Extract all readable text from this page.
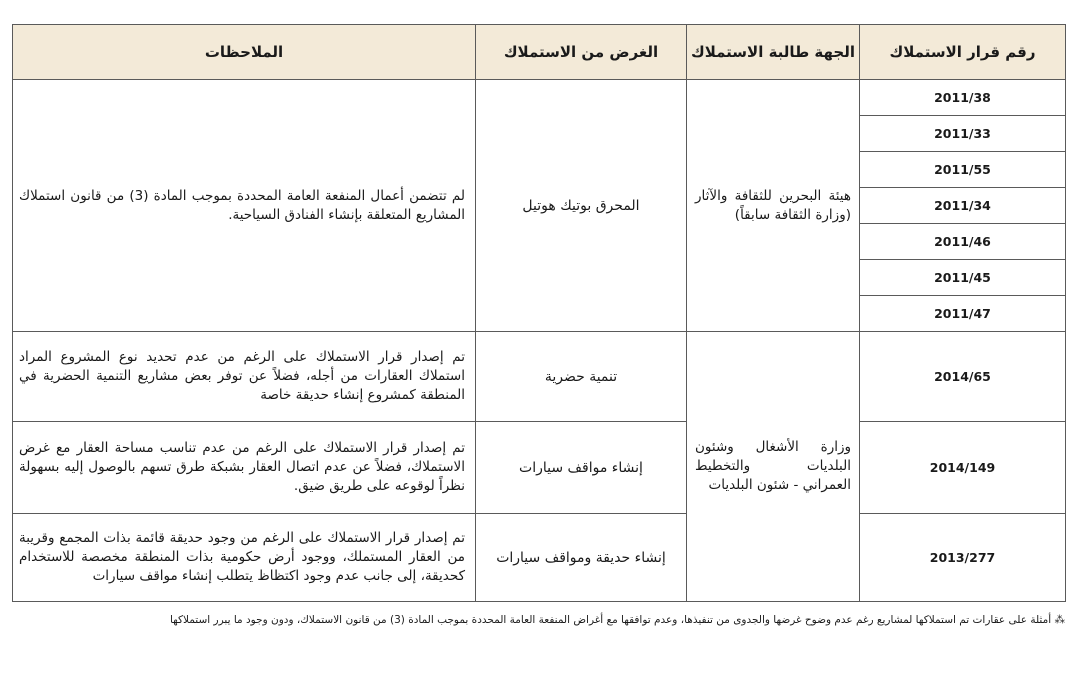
رقم قرار الاستملاك	الجهة طالبة الاستملاك	الغرض من الاستملاك	الملاحظات
2011/38	هيئة البحرين للثقافة والآثار (وزارة الثقافة سابقاً)	المحرق بوتيك هوتيل	لم تتضمن أعمال المنفعة العامة المحددة بموجب المادة (3) من قانون استملاك المشاريع المتعلقة بإنشاء الفنادق السياحية.
2011/33			
2011/55			
2011/34			
2011/46			
2011/45			
2011/47			
2014/65	وزارة الأشغال وشئون البلديات والتخطيط العمراني - شئون البلديات	تنمية حضرية	تم إصدار قرار الاستملاك على الرغم من عدم تحديد نوع المشروع المراد استملاك العقارات من أجله، فضلاً عن توفر بعض مشاريع التنمية الحضرية في المنطقة كمشروع إنشاء حديقة خاصة
2014/149		إنشاء مواقف سيارات	تم إصدار قرار الاستملاك على الرغم من عدم تناسب مساحة العقار مع غرض الاستملاك، فضلاً عن عدم اتصال العقار بشبكة طرق تسهم بالوصول إليه بسهولة نظراً لوقوعه على طريق ضيق.
2013/277		إنشاء حديقة ومواقف سيارات	تم إصدار قرار الاستملاك على الرغم من وجود حديقة قائمة بذات المجمع وقريبة من العقار المستملك، ووجود أرض حكومية بذات المنطقة مخصصة للاستخدام كحديقة، إلى جانب عدم وجود اكتظاظ يتطلب إنشاء مواقف سيارات
⁂ أمثلة على عقارات تم استملاكها لمشاريع رغم عدم وضوح غرضها والجدوى من تنفيذها، وعدم توافقها مع أغراض المنفعة العامة المحددة بموجب المادة (3) من قانون الاستملاك، ودون وجود ما يبرر استملاكها
